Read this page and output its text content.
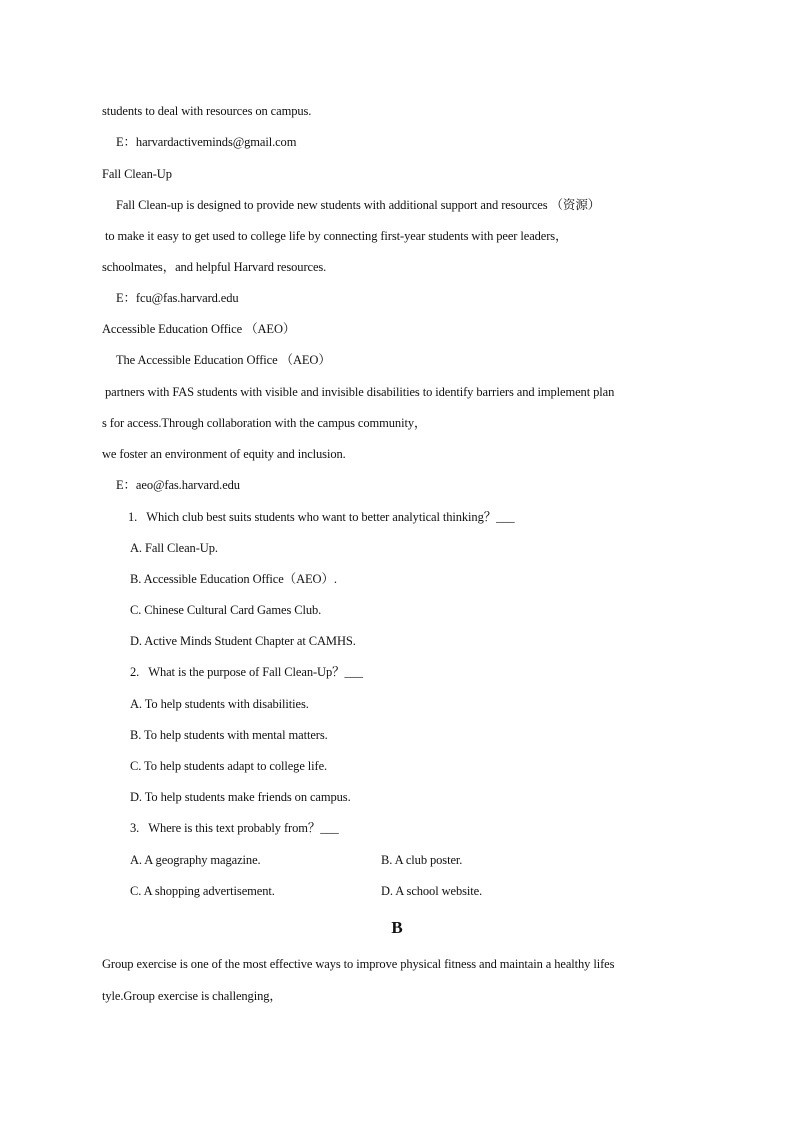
students to deal with resources on campus.
E：harvardactiveminds@gmail.com
Fall Clean-Up
Fall Clean-up is designed to provide new students with additional support and resources （资源）
to make it easy to get used to college life by connecting first-year students with peer leaders，
schoolmates，and helpful Harvard resources.
E：fcu@fas.harvard.edu
Accessible Education Office （AEO）
The Accessible Education Office （AEO）
partners with FAS students with visible and invisible disabilities to identify barriers and implement plan
s for access.Through collaboration with the campus community，
we foster an environment of equity and inclusion.
E：aeo@fas.harvard.edu
1.   Which club best suits students who want to better analytical thinking？___
A. Fall Clean-Up.
B. Accessible Education Office（AEO）.
C. Chinese Cultural Card Games Club.
D. Active Minds Student Chapter at CAMHS.
2.   What is the purpose of Fall Clean-Up？___
A. To help students with disabilities.
B. To help students with mental matters.
C. To help students adapt to college life.
D. To help students make friends on campus.
3.   Where is this text probably from？___
A. A geography magazine.	B. A club poster.
C. A shopping advertisement.	D. A school website.
B
Group exercise is one of the most effective ways to improve physical fitness and maintain a healthy lifes
tyle.Group exercise is challenging，
